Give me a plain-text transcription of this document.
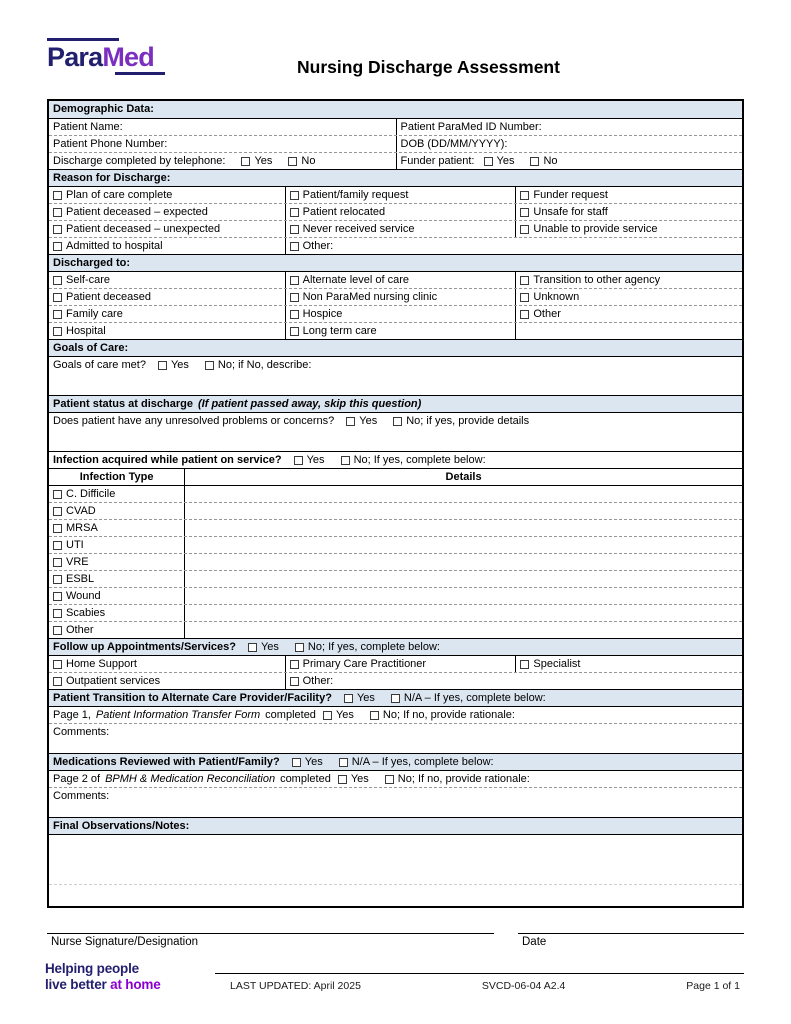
ParaMed	Nursing Discharge Assessment
Demographic Data:
Patient Name:	Patient ParaMed ID Number:
Patient Phone Number:	DOB (DD/MM/YYYY):
Discharge completed by telephone:	Yes	No	Funder patient: Yes	No
Reason for Discharge:
Plan of care complete	Patient/family request	Funder request
Patient deceased – expected	Patient relocated	Unsafe for staff
Patient deceased – unexpected	Never received service	Unable to provide service
Admitted to hospital	Other:
Discharged to:
Self-care	Alternate level of care	Transition to other agency
Patient deceased	Non ParaMed nursing clinic	Unknown
Family care	Hospice	Other
Hospital	Long term care
Goals of Care:
Goals of care met? Yes	No; if No, describe:
Patient status at discharge (If patient passed away, skip this question)
Does patient have any unresolved problems or concerns? Yes	No; if yes, provide details
Infection acquired while patient on service? Yes	No; If yes, complete below:
Infection Type	Details
C. Difficile
CVAD
MRSA
UTI
VRE
ESBL
Wound
Scabies
Other
Follow up Appointments/Services? Yes	No; If yes, complete below:
Home Support	Primary Care Practitioner	Specialist
Outpatient services	Other:
Patient Transition to Alternate Care Provider/Facility? Yes	N/A – If yes, complete below:
Page 1, Patient Information Transfer Form completed Yes	No; If no, provide rationale:
Comments:
Medications Reviewed with Patient/Family? Yes	N/A – If yes, complete below:
Page 2 of BPMH & Medication Reconciliation completed Yes	No; If no, provide rationale:
Comments:
Final Observations/Notes:
Nurse Signature/Designation	Date
Helping people
live better at home	LAST UPDATED: April 2025	SVCD-06-04 A2.4	Page 1 of 1
